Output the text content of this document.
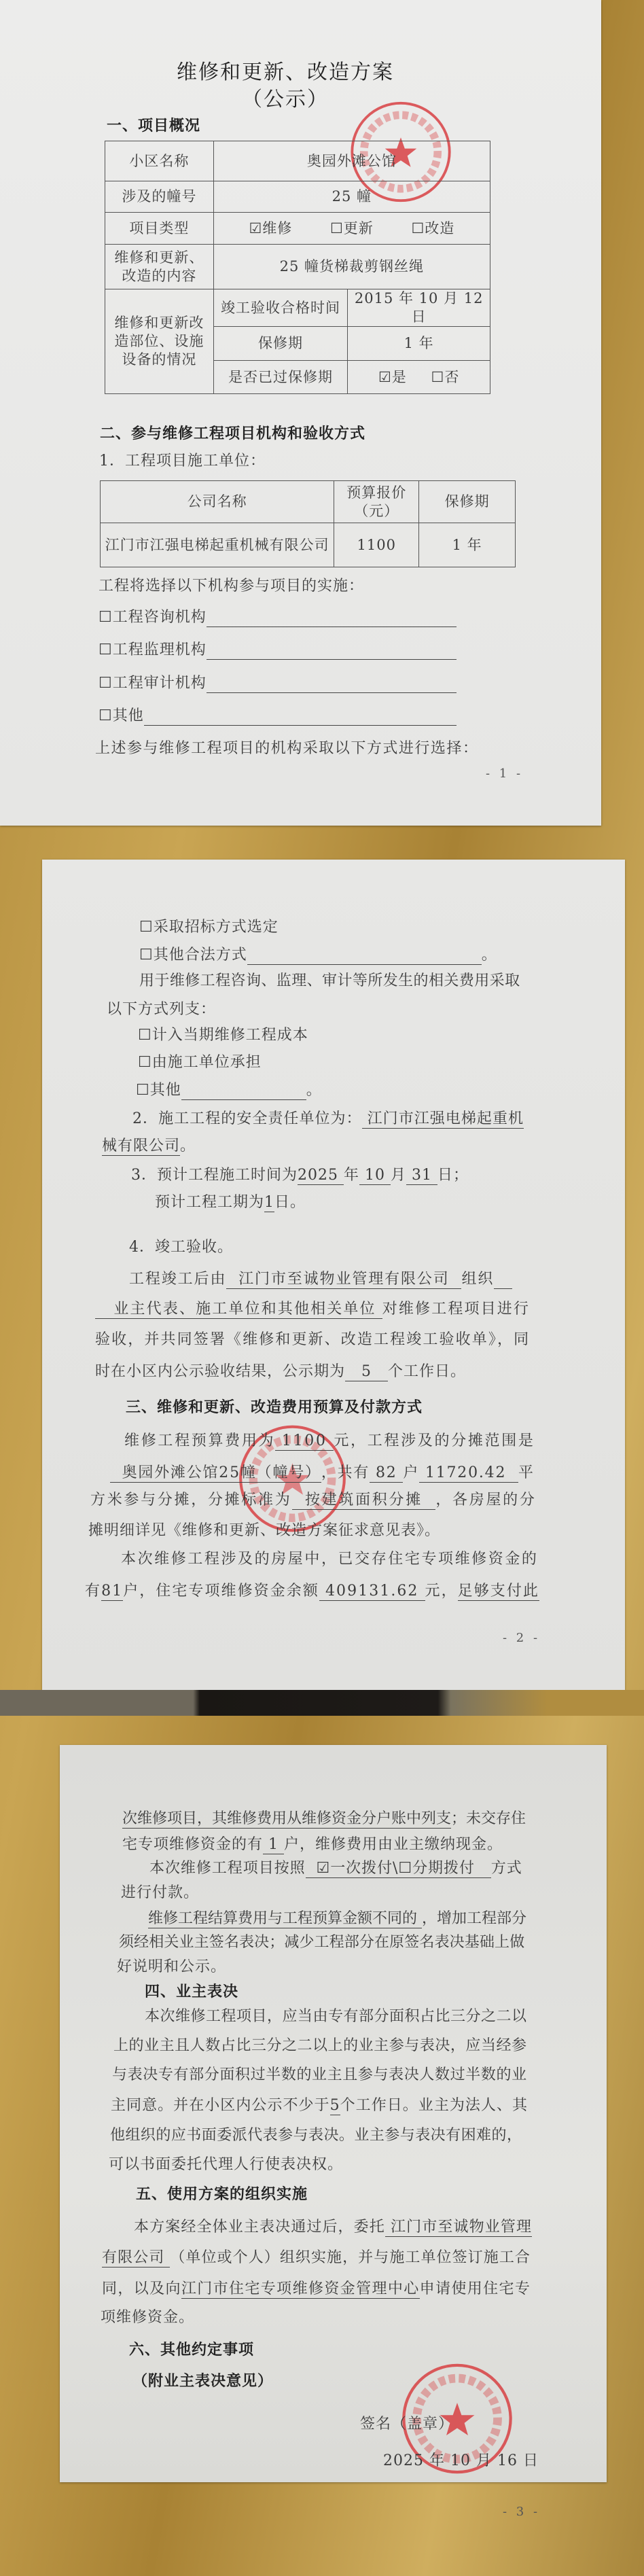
维修和更新、改造方案
（公示）
一、项目概况
小区名称	奥园外滩公馆	
涉及的幢号	25 幢	
项目类型	☑维修 ☐更新 ☐改造	
维修和更新、改造的内容	25 幢货梯裁剪钢丝绳	
维修和更新改造部位、设施设备的情况	竣工验收合格时间	2015 年 10 月 12 日
	保修期	1 年
	是否已过保修期	☑是 ☐否
二、参与维修工程项目机构和验收方式
1．工程项目施工单位：
公司名称	预算报价（元）	保修期
江门市江强电梯起重机械有限公司	1100	1 年
- 1 -
- 2 -
- 3 -
工程将选择以下机构参与项目的实施：
☐工程咨询机构　　　　　　　　　　　　　　　　
☐工程监理机构　　　　　　　　　　　　　　　　
☐工程审计机构　　　　　　　　　　　　　　　　
☐其他　　　　　　　　　　　　　　　　　　　　
上述参与维修工程项目的机构采取以下方式进行选择：
☐采取招标方式选定
☐其他合法方式　　　　　　　　　　　　　　　	。
用于维修工程咨询、监理、审计等所发生的相关费用采取
以下方式列支：
☐计入当期维修工程成本
☐由施工单位承担
☐其他　　　　　　　　	。
2．施工工程的安全责任单位为： 江门市江强电梯起重机
械有限公司。
3．预计工程施工时间为2025 年 10 月 31 日；
预计工程工期为1日。
4．竣工验收。
工程竣工后由  江门市至诚物业管理有限公司  组织
业主代表、施工单位和其他相关单位 对维修工程项目进行
验收，并共同签署《维修和更新、改造工程竣工验收单》，同
时在小区内公示验收结果，公示期为   5   个工作日。
三、维修和更新、改造费用预算及付款方式
维修工程预算费用为 1100 元，工程涉及的分摊范围是
奥园外滩公馆25幢（幢号），共有 82 户 11720.42  平
方米参与分摊，分摊标准为  按建筑面积分摊  ，各房屋的分
摊明细详见《维修和更新、改造方案征求意见表》。
本次维修工程涉及的房屋中，已交存住宅专项维修资金的
有81户，住宅专项维修资金余额 409131.62 元，足够支付此
次维修项目，其维修费用从维修资金分户账中列支；未交存住
宅专项维修资金的有 1 户，维修费用由业主缴纳现金。
本次维修工程项目按照  ☑一次拨付\☐分期拨付   方式
进行付款。
维修工程结算费用与工程预算金额不同的 ，增加工程部分
须经相关业主签名表决；减少工程部分在原签名表决基础上做
好说明和公示。
四、业主表决
本次维修工程项目，应当由专有部分面积占比三分之二以
上的业主且人数占比三分之二以上的业主参与表决，应当经参
与表决专有部分面积过半数的业主且参与表决人数过半数的业
主同意。并在小区内公示不少于5个工作日。业主为法人、其
他组织的应书面委派代表参与表决。业主参与表决有困难的，
可以书面委托代理人行使表决权。
五、使用方案的组织实施
本方案经全体业主表决通过后，委托 江门市至诚物业管理
有限公司 （单位或个人）组织实施，并与施工单位签订施工合
同，以及向江门市住宅专项维修资金管理中心申请使用住宅专
项维修资金。
六、其他约定事项
（附业主表决意见）
签名（盖章）
2025 年 10 月 16 日
